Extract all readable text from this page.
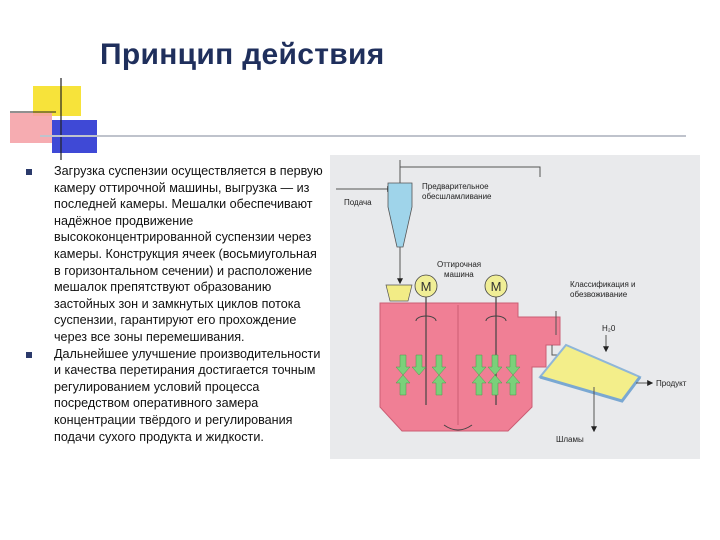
Принцип действия
Загрузка суспензии осуществляется в первую камеру оттирочной машины, выгрузка — из последней камеры. Мешалки обеспечивают надёжное продвижение высококонцентрированной суспензии через камеры. Конструкция ячеек (восьмиугольная в горизонтальном сечении) и расположение мешалок препятствуют образованию застойных зон и замкнутых циклов потока суспензии, гарантируют его прохождение через все зоны перемешивания.
Дальнейшее улучшение производительности и качества перетирания достигается точным регулированием условий процесса посредством оперативного замера концентрации твёрдого и регулирования подачи сухого продукта и жидкости.
Подача
Предварительное
обесшламливание
Оттирочная
машина
M	M	Классификация и
обезвоживание
H₂0
Продукт
Шламы
